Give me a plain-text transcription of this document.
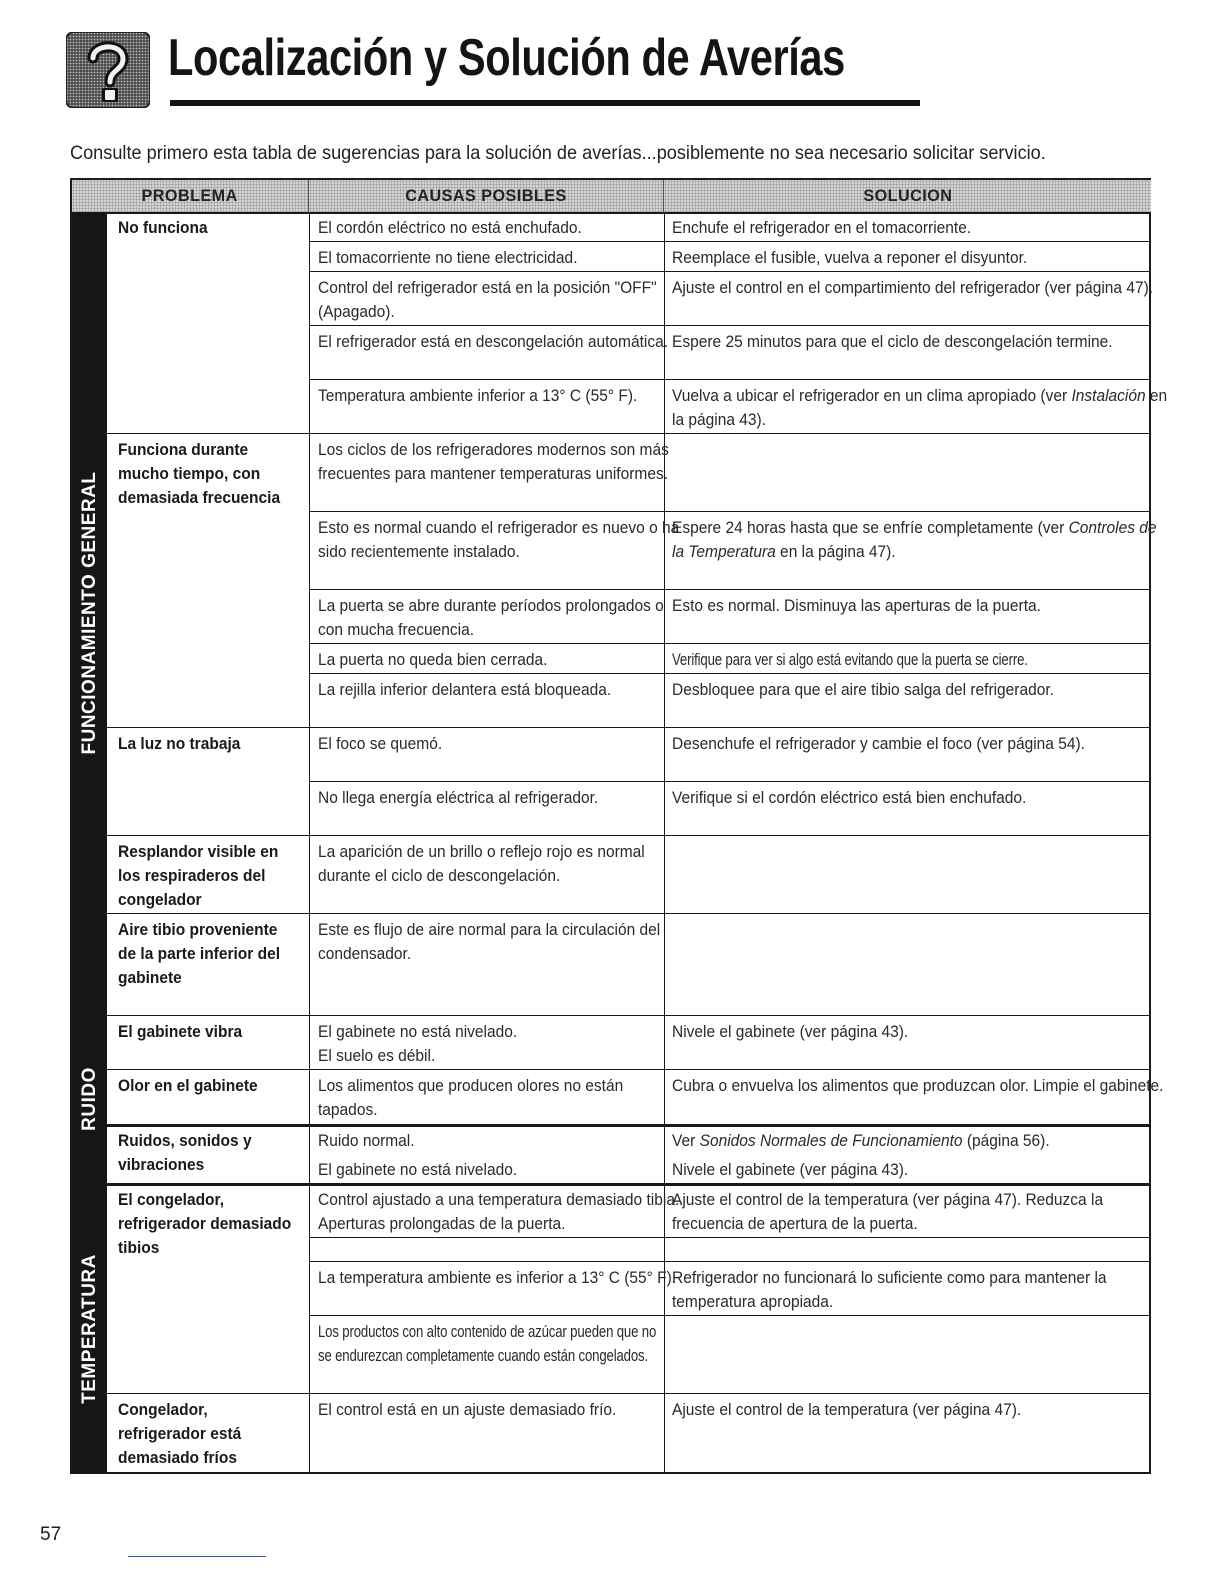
Localización y Solución de Averías
Consulte primero esta tabla de sugerencias para la solución de averías...posiblemente no sea necesario solicitar servicio.
PROBLEMA	CAUSAS POSIBLES	SOLUCION
FUNCIONAMIENTO GENERAL
RUIDO
TEMPERATURA
No funciona
Funciona durante mucho tiempo, con demasiada frecuencia
La luz no trabaja
Resplandor visible en los respiraderos del congelador
Aire tibio proveniente de la parte inferior del gabinete
El gabinete vibra
Olor en el gabinete
Ruidos, sonidos y vibraciones
El congelador, refrigerador demasiado tibios
Congelador, refrigerador está demasiado fríos
El cordón eléctrico no está enchufado.
El tomacorriente no tiene electricidad.
Control del refrigerador está en la posición "OFF" (Apagado).
El refrigerador está en descongelación automática.
Temperatura ambiente inferior a 13° C (55° F).
Los ciclos de los refrigeradores modernos son más frecuentes para mantener temperaturas uniformes.
Esto es normal cuando el refrigerador es nuevo o ha sido recientemente instalado.
La puerta se abre durante períodos prolongados o con mucha frecuencia.
La puerta no queda bien cerrada.
La rejilla inferior delantera está bloqueada.
El foco se quemó.
No llega energía eléctrica al refrigerador.
La aparición de un brillo o reflejo rojo es normal durante el ciclo de descongelación.
Este es flujo de aire normal para la circulación del condensador.
El gabinete no está nivelado.
El suelo es débil.
Los alimentos que producen olores no están tapados.
Ruido normal.
El gabinete no está nivelado.
Control ajustado a una temperatura demasiado tibia. Aperturas prolongadas de la puerta.
La temperatura ambiente es inferior a 13° C (55° F).
Los productos con alto contenido de azúcar pueden que no se endurezcan completamente cuando están congelados.
El control está en un ajuste demasiado frío.
Enchufe el refrigerador en el tomacorriente.
Reemplace el fusible, vuelva a reponer el disyuntor.
Ajuste el control en el compartimiento del refrigerador (ver página 47).
Espere 25 minutos para que el ciclo de descongelación termine.
Vuelva a ubicar el refrigerador en un clima apropiado (ver Instalación en la página 43).
Espere 24 horas hasta que se enfríe completamente (ver Controles de la Temperatura en la página 47).
Esto es normal. Disminuya las aperturas de la puerta.
Verifique para ver si algo está evitando que la puerta se cierre.
Desbloquee para que el aire tibio salga del refrigerador.
Desenchufe el refrigerador y cambie el foco (ver página 54).
Verifique si el cordón eléctrico está bien enchufado.
Nivele el gabinete (ver página 43).
Cubra o envuelva los alimentos que produzcan olor. Limpie el gabinete.
Ver Sonidos Normales de Funcionamiento (página 56).
Nivele el gabinete (ver página 43).
Ajuste el control de la temperatura (ver página 47). Reduzca la frecuencia de apertura de la puerta.
Refrigerador no funcionará lo suficiente como para mantener la temperatura apropiada.
Ajuste el control de la temperatura (ver página 47).
57
